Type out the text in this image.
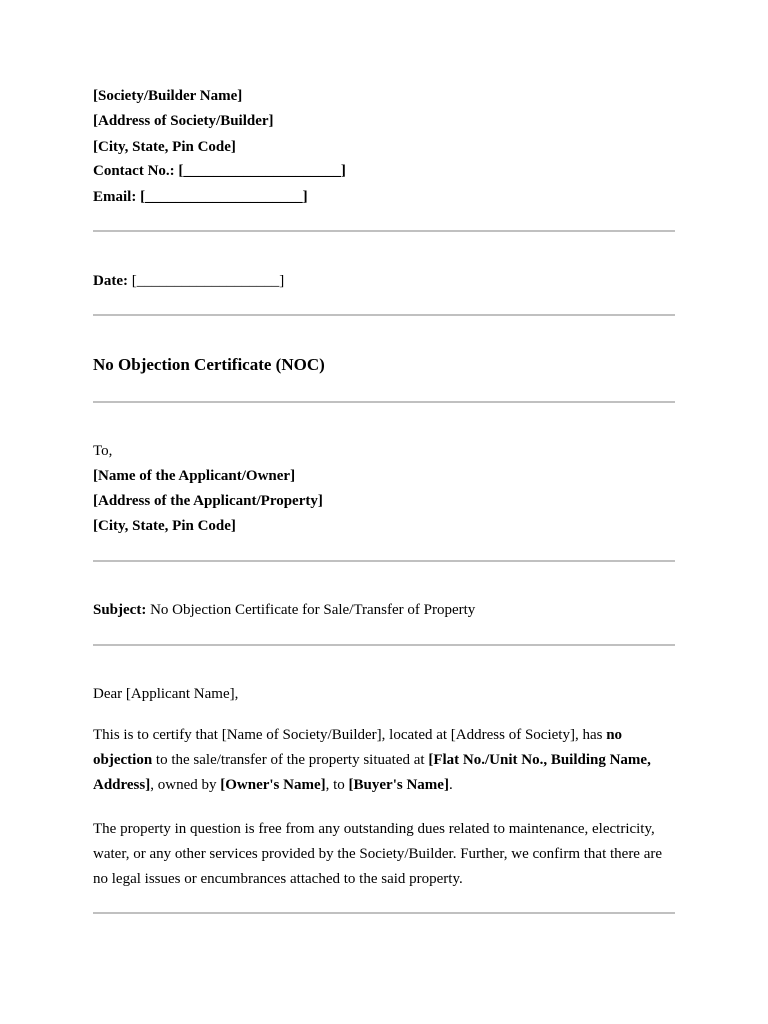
[Society/Builder Name]
[Address of Society/Builder]
[City, State, Pin Code]
Contact No.: [_____________________]
Email: [_____________________]
Date: [___________________]
No Objection Certificate (NOC)
To,
[Name of the Applicant/Owner]
[Address of the Applicant/Property]
[City, State, Pin Code]
Subject: No Objection Certificate for Sale/Transfer of Property
Dear [Applicant Name],
This is to certify that [Name of Society/Builder], located at [Address of Society], has no objection to the sale/transfer of the property situated at [Flat No./Unit No., Building Name, Address], owned by [Owner's Name], to [Buyer's Name].
The property in question is free from any outstanding dues related to maintenance, electricity, water, or any other services provided by the Society/Builder. Further, we confirm that there are no legal issues or encumbrances attached to the said property.
